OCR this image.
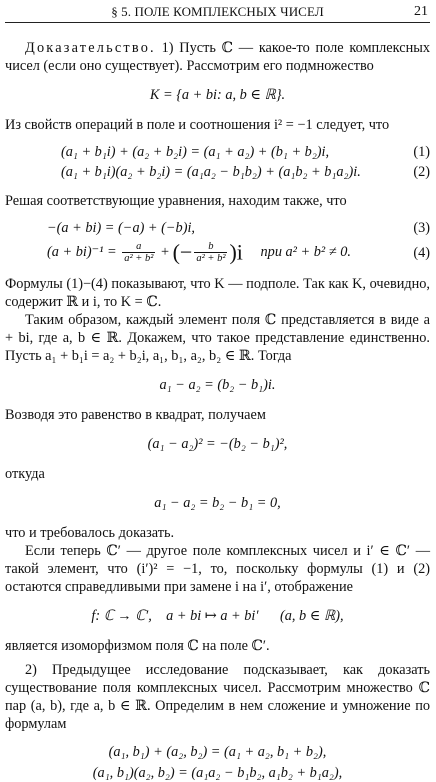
§ 5. ПОЛЕ КОМПЛЕКСНЫХ ЧИСЕЛ	21

Доказательство. 1) Пусть ℂ — какое-то поле комплексных чисел (если оно существует). Рассмотрим его подмножество

K = {a + bi: a, b ∈ ℝ}.

Из свойств операций в поле и соотношения i² = −1 следует, что

(a₁ + b₁i) + (a₂ + b₂i) = (a₁ + a₂) + (b₁ + b₂)i,	(1)
(a₁ + b₁i)(a₂ + b₂i) = (a₁a₂ − b₁b₂) + (a₁b₂ + b₁a₂)i.	(2)

Решая соответствующие уравнения, находим также, что

−(a + bi) = (−a) + (−b)i,	(3)
$(a + bi)^{-1} = \frac{a}{\text{a² + b²}}$ + (− $\frac{b}{\text{a² + b²}} )i$ при a² + b² ≠ 0.	(4)

Формулы (1)−(4) показывают, что K — подполе. Так как K, очевидно, содержит ℝ и i, то K = ℂ.

Таким образом, каждый элемент поля ℂ представляется в виде a + bi, где a, b ∈ ℝ. Докажем, что такое представление единственно. Пусть a₁ + b₁i = a₂ + b₂i, a₁, b₁, a₂, b₂ ∈ ℝ. Тогда

a₁ − a₂ = (b₂ − b₁)i.

Возводя это равенство в квадрат, получаем

(a₁ − a₂)² = −(b₂ − b₁)²,

откуда

a₁ − a₂ = b₂ − b₁ = 0,

что и требовалось доказать.

Если теперь ℂ′ — другое поле комплексных чисел и i′ ∈ ℂ′ — такой элемент, что (i′)² = −1, то, поскольку формулы (1) и (2) остаются справедливыми при замене i на i′, отображение

f: ℂ → ℂ′,    a + bi ↦ a + bi′      (a, b ∈ ℝ),

является изоморфизмом поля ℂ на поле ℂ′.

2) Предыдущее исследование подсказывает, как доказать существование поля комплексных чисел. Рассмотрим множество ℂ пар (a, b), где a, b ∈ ℝ. Определим в нем сложение и умножение по формулам

(a₁, b₁) + (a₂, b₂) = (a₁ + a₂, b₁ + b₂),
(a₁, b₁)(a₂, b₂) = (a₁a₂ − b₁b₂, a₁b₂ + b₁a₂),
